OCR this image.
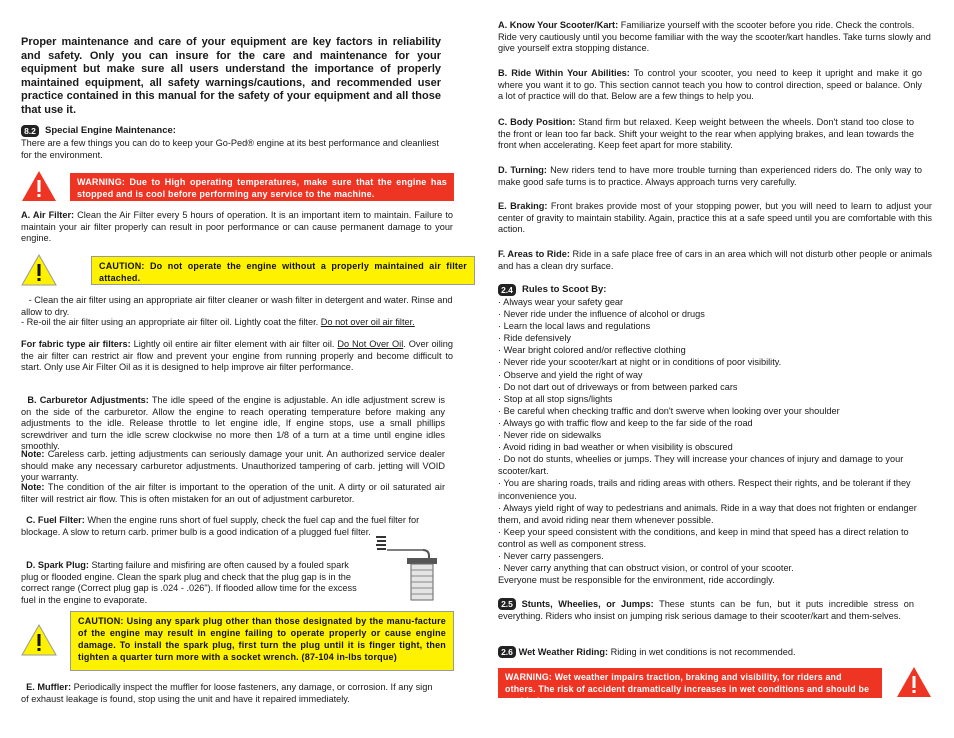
Proper maintenance and care of your equipment are key factors in reliability and safety. Only you can insure for the care and maintenance for your equipment but make sure all users understand the importance of properly maintained equipment, all safety warnings/cautions, and recommended user practice contained in this manual for the safety of your equipment and all those that use it.

8.2 Special Engine Maintenance:

There are a few things you can do to keep your Go-Ped® engine at its best performance and cleanliest for the environment.

WARNING: Due to High operating temperatures, make sure that the engine has stopped and is cool before performing any service to the machine.

A. Air Filter: Clean the Air Filter every 5 hours of operation. It is an important item to maintain. Failure to maintain your air filter properly can result in poor performance or can cause permanent damage to your engine.

CAUTION: Do not operate the engine without a properly maintained air filter attached.

- Clean the air filter using an appropriate air filter cleaner or wash filter in detergent and water. Rinse and allow to dry.

- Re-oil the air filter using an appropriate air filter oil. Lightly coat the filter. Do not over oil air filter.

For fabric type air filters: Lightly oil entire air filter element with air filter oil. Do Not Over Oil. Over oiling the air filter can restrict air flow and prevent your engine from running properly and become difficult to start. Only use Air Filter Oil as it is designed to help improve air filter performance.

B. Carburetor Adjustments: The idle speed of the engine is adjustable. An idle adjustment screw is on the side of the carburetor. Allow the engine to reach operating temperature before making any adjustments to the idle. Release throttle to let engine idle, If engine stops, use a small phillips screwdriver and turn the idle screw clockwise no more then 1/8 of a turn at a time until engine idles smoothly.

Note: Careless carb. jetting adjustments can seriously damage your unit. An authorized service dealer should make any necessary carburetor adjustments. Unauthorized tampering of carb. jetting will VOID your warranty.

Note: The condition of the air filter is important to the operation of the unit. A dirty or oil saturated air filter will restrict air flow. This is often mistaken for an out of adjustment carburetor.

C. Fuel Filter: When the engine runs short of fuel supply, check the fuel cap and the fuel filter for blockage. A slow to return carb. primer bulb is a good indication of a plugged fuel filter.

D. Spark Plug: Starting failure and misfiring are often caused by a fouled spark plug or flooded engine. Clean the spark plug and check that the plug gap is in the correct range (Correct plug gap is .024 - .026"). If flooded allow time for the excess fuel in the engine to evaporate.

CAUTION: Using any spark plug other than those designated by the manu-facture of the engine may result in engine failing to operate properly or cause engine damage. To install the spark plug, first turn the plug until it is finger tight, then tighten a quarter turn more with a socket wrench. (87-104 in-lbs torque)

E. Muffler: Periodically inspect the muffler for loose fasteners, any damage, or corrosion. If any sign of exhaust leakage is found, stop using the unit and have it repaired immediately.

A. Know Your Scooter/Kart: Familiarize yourself with the scooter before you ride. Check the controls. Ride very cautiously until you become familiar with the way the scooter/kart handles. Take turns slowly and give yourself extra stopping distance.

B. Ride Within Your Abilities: To control your scooter, you need to keep it upright and make it go where you want it to go. This section cannot teach you how to control direction, speed or balance. Only a lot of practice will do that. Below are a few things to help you.

C. Body Position: Stand firm but relaxed. Keep weight between the wheels. Don't stand too close to the front or lean too far back. Shift your weight to the rear when applying brakes, and lean towards the front when accelerating. Keep feet apart for more stability.

D. Turning: New riders tend to have more trouble turning than experienced riders do. The only way to make good safe turns is to practice. Always approach turns very carefully.

E. Braking: Front brakes provide most of your stopping power, but you will need to learn to adjust your center of gravity to maintain stability. Again, practice this at a safe speed until you are comfortable with this action.

F. Areas to Ride: Ride in a safe place free of cars in an area which will not disturb other people or animals and has a clean dry surface.

2.4 Rules to Scoot By:
· Always wear your safety gear
· Never ride under the influence of alcohol or drugs
· Learn the local laws and regulations
· Ride defensively
· Wear bright colored and/or reflective clothing
· Never ride your scooter/kart at night or in conditions of poor visibility.
· Observe and yield the right of way
· Do not dart out of driveways or from between parked cars
· Stop at all stop signs/lights
· Be careful when checking traffic and don't swerve when looking over your shoulder
· Always go with traffic flow and keep to the far side of the road
· Never ride on sidewalks
· Avoid riding in bad weather or when visibility is obscured
· Do not do stunts, wheelies or jumps. They will increase your chances of injury and damage to your scooter/kart.
· You are sharing roads, trails and riding areas with others. Respect their rights, and be tolerant if they inconvenience you.
· Always yield right of way to pedestrians and animals. Ride in a way that does not frighten or endanger them, and avoid riding near them whenever possible.
· Keep your speed consistent with the conditions, and keep in mind that speed has a direct relation to control as well as component stress.
· Never carry passengers.
· Never carry anything that can obstruct vision, or control of your scooter.
Everyone must be responsible for the environment, ride accordingly.

2.5 Stunts, Wheelies, or Jumps: These stunts can be fun, but it puts incredible stress on everything. Riders who insist on jumping risk serious damage to their scooter/kart and them-selves.

2.6 Wet Weather Riding: Riding in wet conditions is not recommended.

WARNING: Wet weather impairs traction, braking and visibility, for riders and others. The risk of accident dramatically increases in wet conditions and should be avoided.
